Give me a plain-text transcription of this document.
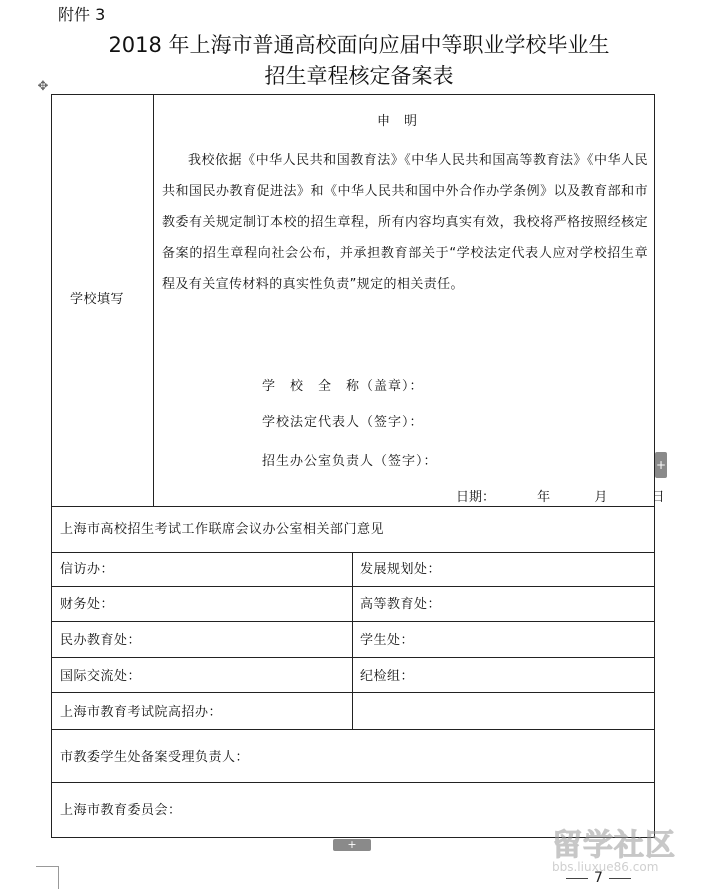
附件 3
2018 年上海市普通高校面向应届中等职业学校毕业生
招生章程核定备案表
✥
学校填写
申明
我校依据《中华人民共和国教育法》《中华人民共和国高等教育法》《中华人民共和国民办教育促进法》和《中华人民共和国中外合作办学条例》以及教育部和市教委有关规定制订本校的招生章程，所有内容均真实有效，我校将严格按照经核定备案的招生章程向社会公布，并承担教育部关于“学校法定代表人应对学校招生章程及有关宣传材料的真实性负责”规定的相关责任。
学　校　全　称（盖章）：
学校法定代表人（签字）：
招生办公室负责人（签字）：
日期：	年	月	日
上海市高校招生考试工作联席会议办公室相关部门意见
信访办：	发展规划处：
财务处：	高等教育处：
民办教育处：	学生处：
国际交流处：	纪检组：
上海市教育考试院高招办：
市教委学生处备案受理负责人：
上海市教育委员会：
+
+
7
留学社区
bbs.liuxue86.com
